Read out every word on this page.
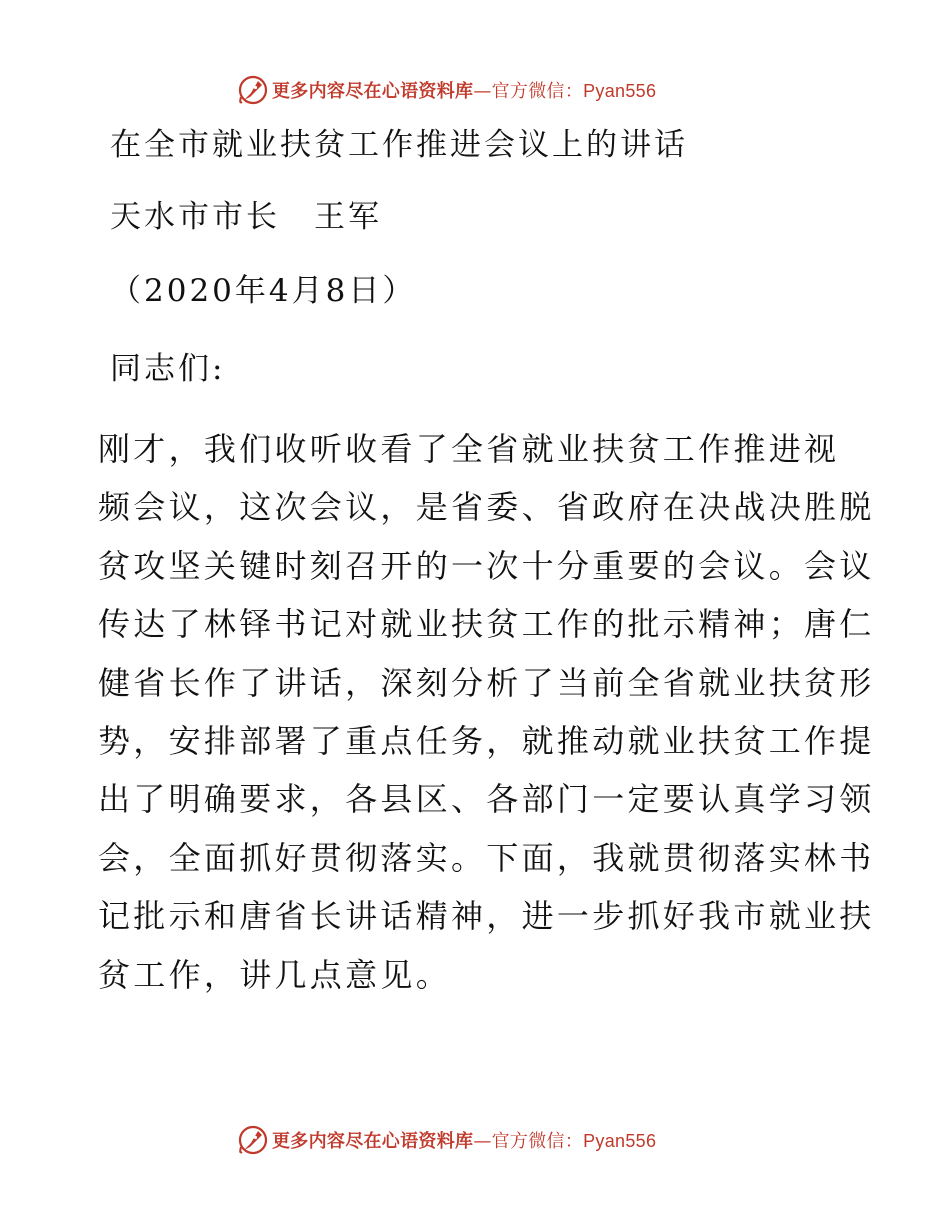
更多内容尽在心语资料库—官方微信：Pyan556
在全市就业扶贫工作推进会议上的讲话
天水市市长　王军
（2020年4月8日）
同志们:
刚才，我们收听收看了全省就业扶贫工作推进视
频会议，这次会议，是省委、省政府在决战决胜脱
贫攻坚关键时刻召开的一次十分重要的会议。会议
传达了林铎书记对就业扶贫工作的批示精神；唐仁
健省长作了讲话，深刻分析了当前全省就业扶贫形
势，安排部署了重点任务，就推动就业扶贫工作提
出了明确要求，各县区、各部门一定要认真学习领
会，全面抓好贯彻落实。下面，我就贯彻落实林书
记批示和唐省长讲话精神，进一步抓好我市就业扶
贫工作，讲几点意见。
更多内容尽在心语资料库—官方微信：Pyan556
